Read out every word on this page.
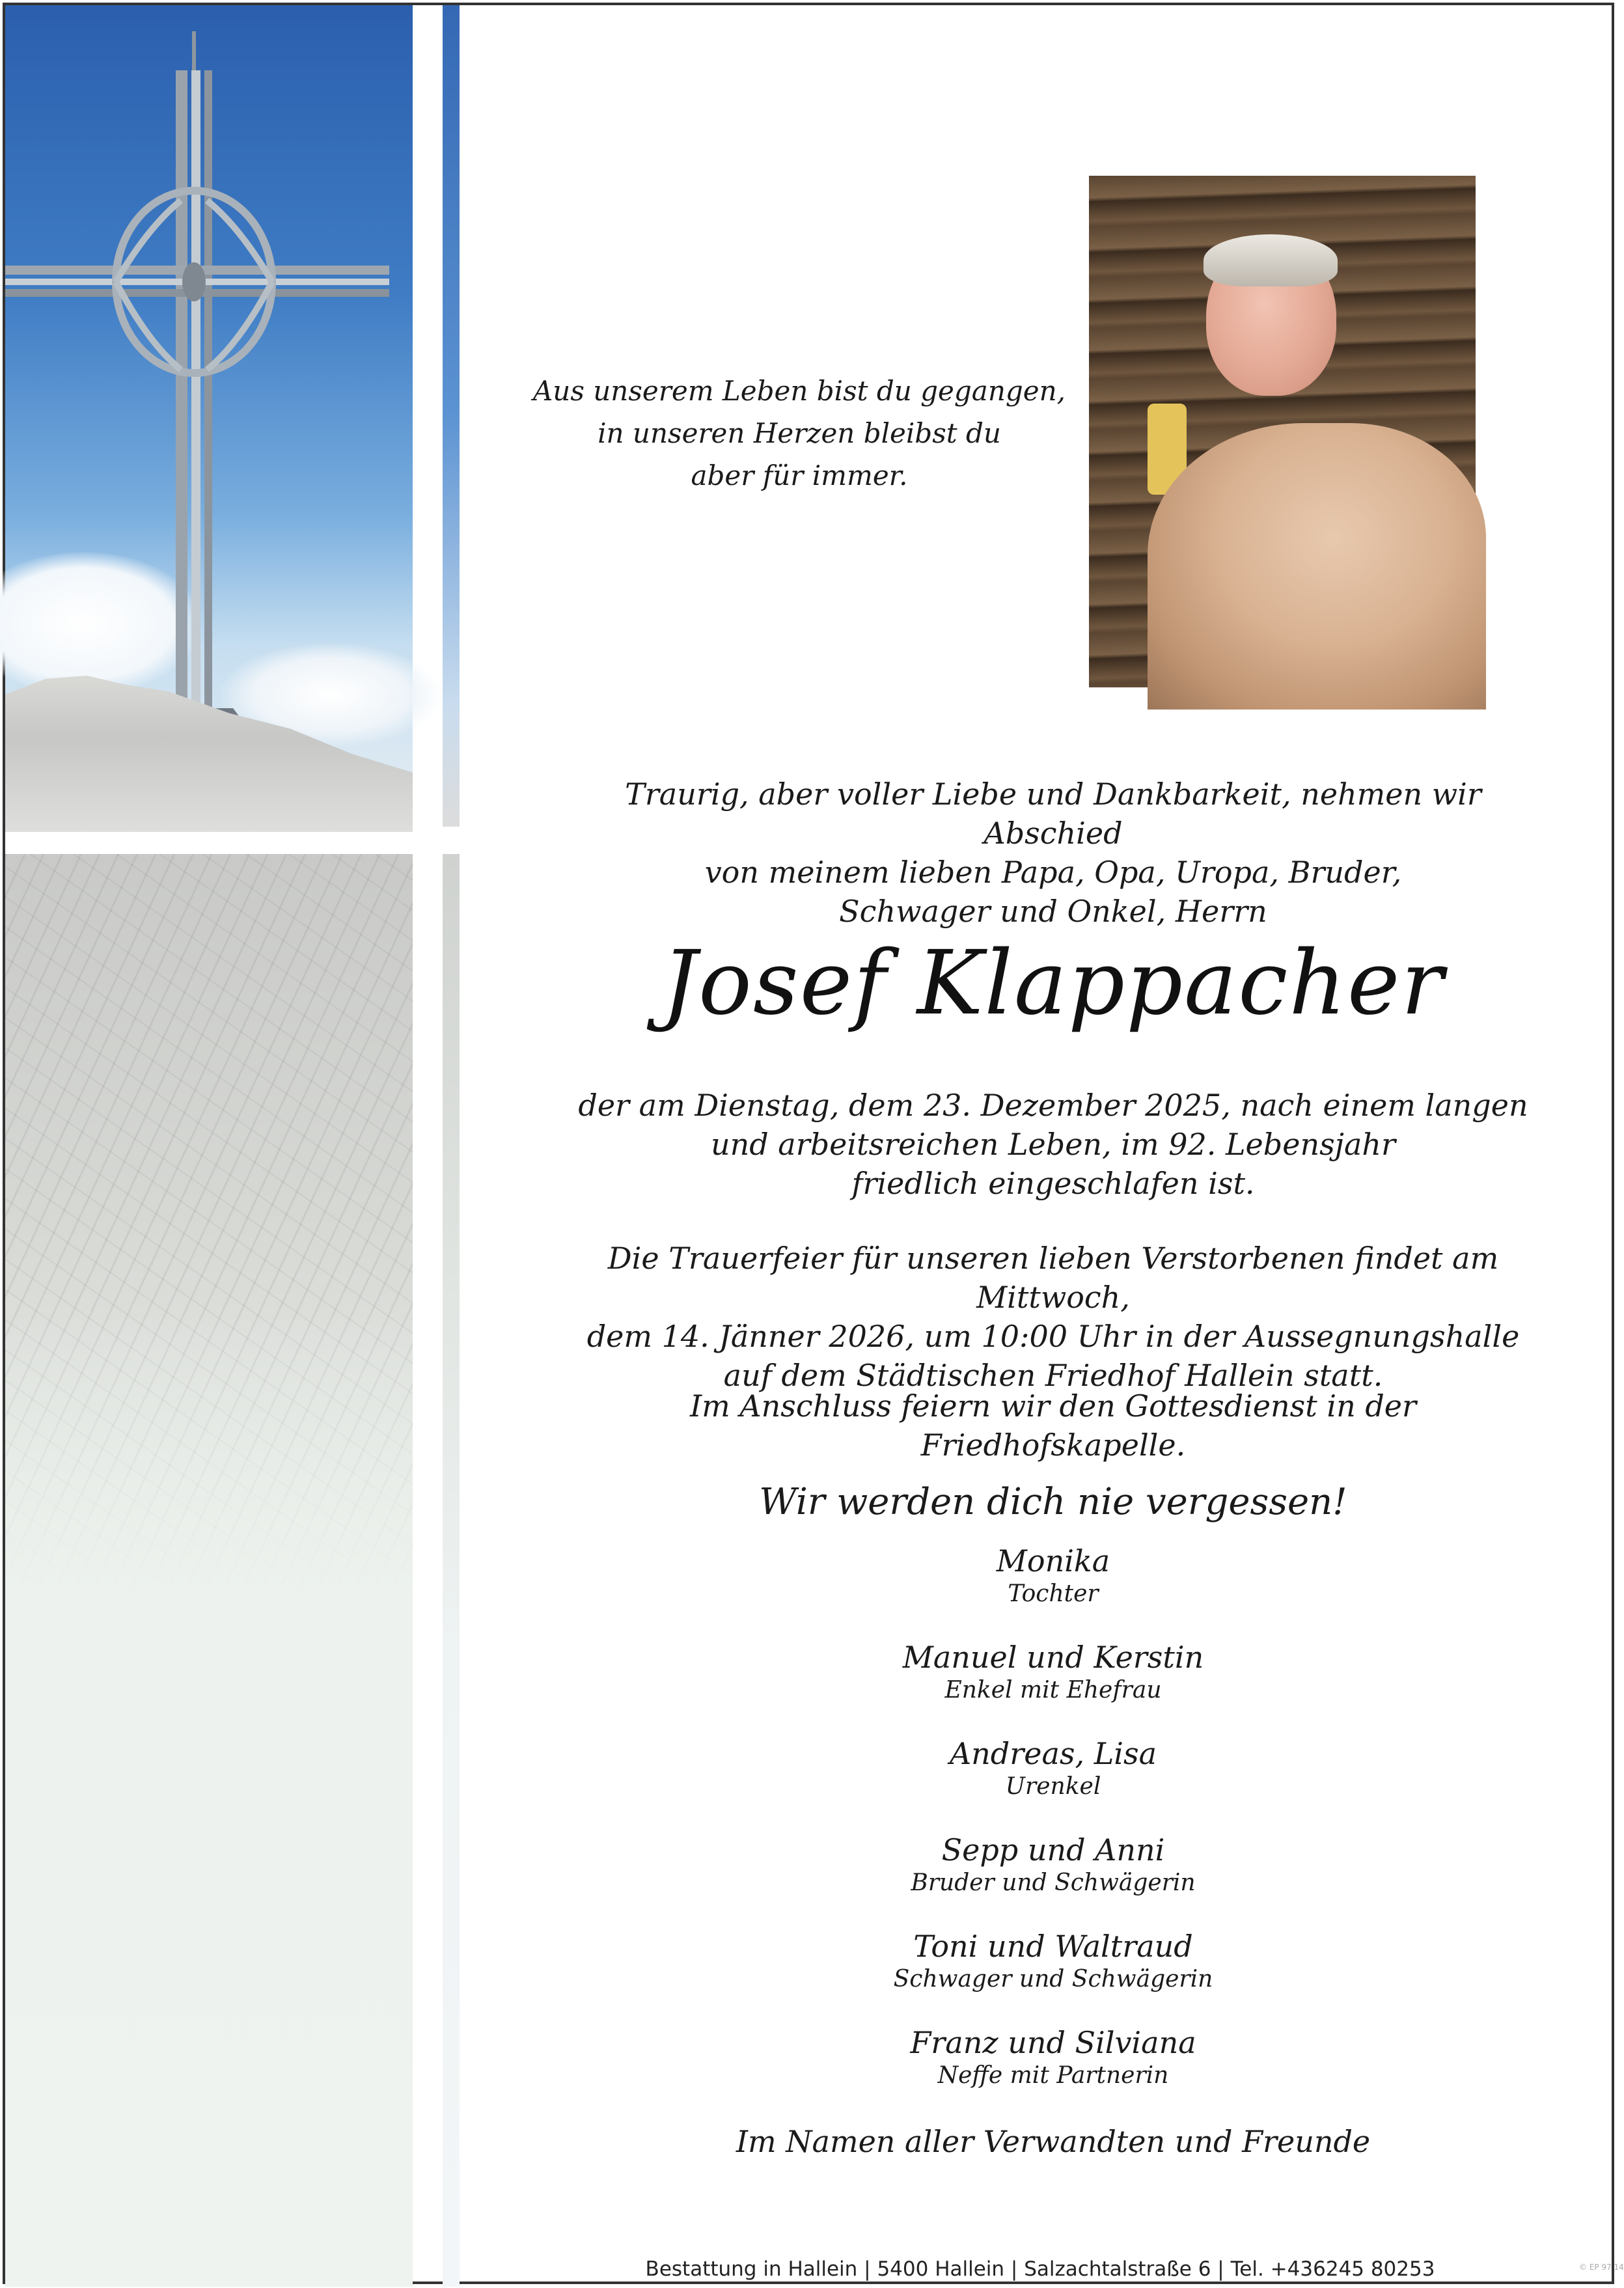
Aus unserem Leben bist du gegangen,
in unseren Herzen bleibst du
aber für immer.
Traurig, aber voller Liebe und Dankbarkeit, nehmen wir Abschied
von meinem lieben Papa, Opa, Uropa, Bruder,
Schwager und Onkel, Herrn
Josef Klappacher
der am Dienstag, dem 23. Dezember 2025, nach einem langen
und arbeitsreichen Leben, im 92. Lebensjahr
friedlich eingeschlafen ist.
Die Trauerfeier für unseren lieben Verstorbenen findet am Mittwoch,
dem 14. Jänner 2026, um 10:00 Uhr in der Aussegnungshalle
auf dem Städtischen Friedhof Hallein statt.
Im Anschluss feiern wir den Gottesdienst in der Friedhofskapelle.
Wir werden dich nie vergessen!
Monika
Tochter
Manuel und Kerstin
Enkel mit Ehefrau
Andreas, Lisa
Urenkel
Sepp und Anni
Bruder und Schwägerin
Toni und Waltraud
Schwager und Schwägerin
Franz und Silviana
Neffe mit Partnerin
Im Namen aller Verwandten und Freunde
Bestattung in Hallein | 5400 Hallein | Salzachtalstraße 6 | Tel. +436245 80253	© EP 97 14
